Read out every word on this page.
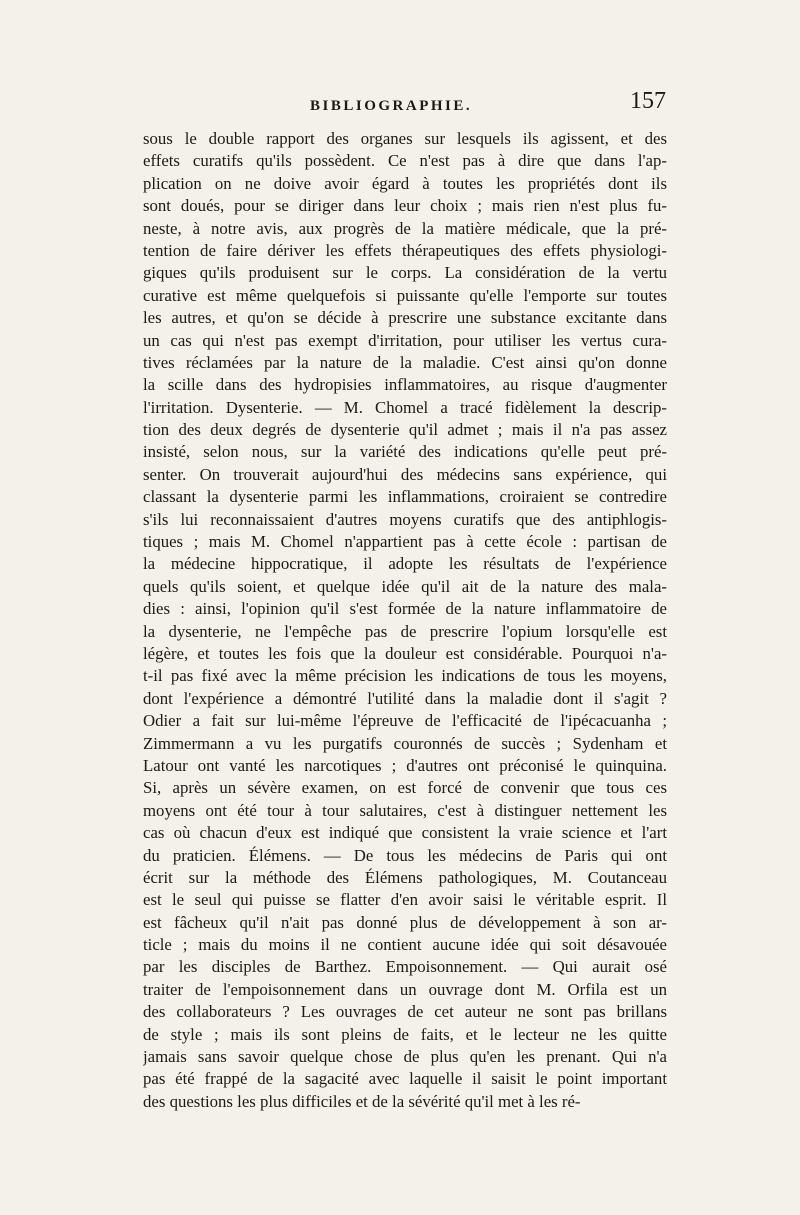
BIBLIOGRAPHIE.	157
sous le double rapport des organes sur lesquels ils agissent, et des
effets curatifs qu'ils possèdent. Ce n'est pas à dire que dans l'ap-
plication on ne doive avoir égard à toutes les propriétés dont ils
sont doués, pour se diriger dans leur choix ; mais rien n'est plus fu-
neste, à notre avis, aux progrès de la matière médicale, que la pré-
tention de faire dériver les effets thérapeutiques des effets physiologi-
giques qu'ils produisent sur le corps. La considération de la vertu
curative est même quelquefois si puissante qu'elle l'emporte sur toutes
les autres, et qu'on se décide à prescrire une substance excitante dans
un cas qui n'est pas exempt d'irritation, pour utiliser les vertus cura-
tives réclamées par la nature de la maladie. C'est ainsi qu'on donne
la scille dans des hydropisies inflammatoires, au risque d'augmenter
l'irritation. Dysenterie. — M. Chomel a tracé fidèlement la descrip-
tion des deux degrés de dysenterie qu'il admet ; mais il n'a pas assez
insisté, selon nous, sur la variété des indications qu'elle peut pré-
senter. On trouverait aujourd'hui des médecins sans expérience, qui
classant la dysenterie parmi les inflammations, croiraient se contredire
s'ils lui reconnaissaient d'autres moyens curatifs que des antiphlogis-
tiques ; mais M. Chomel n'appartient pas à cette école : partisan de
la médecine hippocratique, il adopte les résultats de l'expérience
quels qu'ils soient, et quelque idée qu'il ait de la nature des mala-
dies : ainsi, l'opinion qu'il s'est formée de la nature inflammatoire de
la dysenterie, ne l'empêche pas de prescrire l'opium lorsqu'elle est
légère, et toutes les fois que la douleur est considérable. Pourquoi n'a-
t-il pas fixé avec la même précision les indications de tous les moyens,
dont l'expérience a démontré l'utilité dans la maladie dont il s'agit ?
Odier a fait sur lui-même l'épreuve de l'efficacité de l'ipécacuanha ;
Zimmermann a vu les purgatifs couronnés de succès ; Sydenham et
Latour ont vanté les narcotiques ; d'autres ont préconisé le quinquina.
Si, après un sévère examen, on est forcé de convenir que tous ces
moyens ont été tour à tour salutaires, c'est à distinguer nettement les
cas où chacun d'eux est indiqué que consistent la vraie science et l'art
du praticien. Élémens. — De tous les médecins de Paris qui ont
écrit sur la méthode des Élémens pathologiques, M. Coutanceau
est le seul qui puisse se flatter d'en avoir saisi le véritable esprit. Il
est fâcheux qu'il n'ait pas donné plus de développement à son ar-
ticle ; mais du moins il ne contient aucune idée qui soit désavouée
par les disciples de Barthez. Empoisonnement. — Qui aurait osé
traiter de l'empoisonnement dans un ouvrage dont M. Orfila est un
des collaborateurs ? Les ouvrages de cet auteur ne sont pas brillans
de style ; mais ils sont pleins de faits, et le lecteur ne les quitte
jamais sans savoir quelque chose de plus qu'en les prenant. Qui n'a
pas été frappé de la sagacité avec laquelle il saisit le point important
des questions les plus difficiles et de la sévérité qu'il met à les ré-
